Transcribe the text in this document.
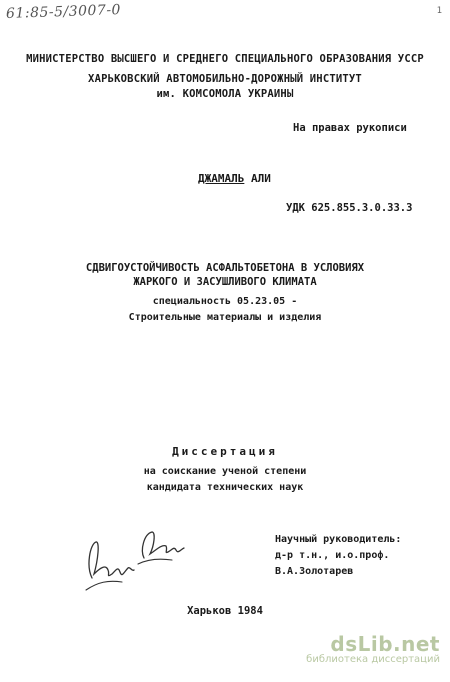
61:85-5/3007-0	1
МИНИСТЕРСТВО ВЫСШЕГО И СРЕДНЕГО СПЕЦИАЛЬНОГО ОБРАЗОВАНИЯ УССР
ХАРЬКОВСКИЙ АВТОМОБИЛЬНО-ДОРОЖНЫЙ ИНСТИТУТ
им. КОМСОМОЛА УКРАИНЫ
На правах рукописи
ДЖАМАЛЬ АЛИ
УДК 625.855.3.0.33.3
СДВИГОУСТОЙЧИВОСТЬ АСФАЛЬТОБЕТОНА В УСЛОВИЯХ
ЖАРКОГО И ЗАСУШЛИВОГО КЛИМАТА
специальность 05.23.05 -
Строительные материалы и изделия
Диссертация
на соискание ученой степени
кандидата технических наук
Научный руководитель:
д-р т.н., и.о.проф.
В.А.Золотарев
Харьков 1984
dsLib.net
библиотека диссертаций
